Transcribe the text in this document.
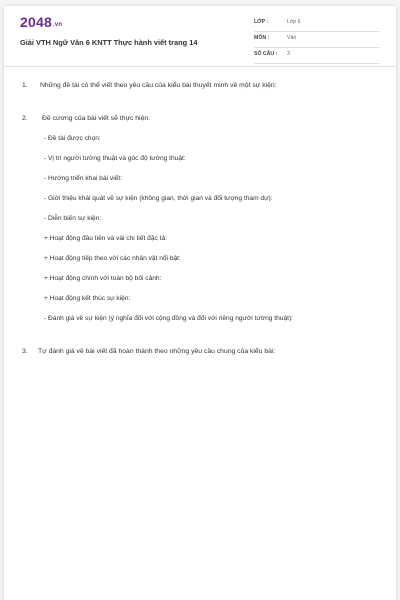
2048.vn
Giải VTH Ngữ Văn 6 KNTT Thực hành viết trang 14
LỚP :	Lớp 6
MÔN :	Văn
SỐ CÂU : 3
1. Những đề tài có thể viết theo yêu cầu của kiểu bài thuyết minh về một sự kiện:
2. Đề cương của bài viết sẽ thực hiện:
- Đề tài được chọn:
- Vị trí người tường thuật và góc độ tường thuật:
- Hướng triển khai bài viết:
- Giới thiệu khái quát về sự kiện (không gian, thời gian và đối tượng tham dự):
- Diễn biến sự kiện:
+ Hoạt động đầu tiên và vài chi tiết đặc tả:
+ Hoạt động tiếp theo với các nhân vật nổi bật:
+ Hoạt động chính với toàn bộ bối cảnh:
+ Hoạt động kết thúc sự kiện:
- Đánh giá về sự kiện (ý nghĩa đối với cộng đồng và đối với riêng người tường thuật):
3. Tự đánh giá về bài viết đã hoàn thành theo những yêu cầu chung của kiểu bài:
